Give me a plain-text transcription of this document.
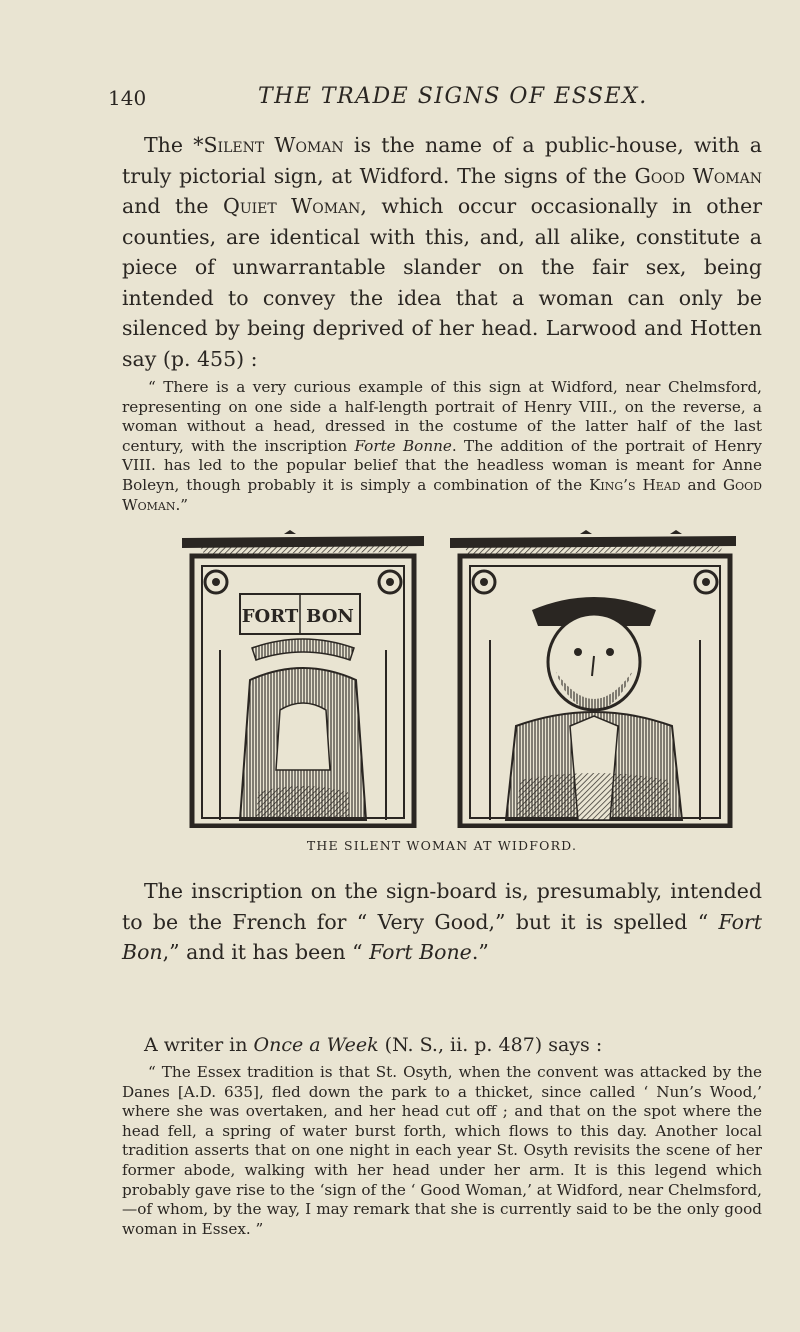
140	THE TRADE SIGNS OF ESSEX.
The *Silent Woman is the name of a public-house, with a truly pictorial sign, at Widford. The signs of the Good Woman and the Quiet Woman, which occur occasionally in other counties, are identical with this, and, all alike, constitute a piece of unwarrantable slander on the fair sex, being intended to convey the idea that a woman can only be silenced by being deprived of her head. Larwood and Hotten say (p. 455) :
“ There is a very curious example of this sign at Widford, near Chelmsford, representing on one side a half-length portrait of Henry VIII., on the reverse, a woman without a head, dressed in the costume of the latter half of the last century, with the inscription Forte Bonne. The addition of the portrait of Henry VIII. has led to the popular belief that the headless woman is meant for Anne Boleyn, though probably it is simply a combination of the King’s Head and Good Woman.”
FORT BON
THE SILENT WOMAN AT WIDFORD.
The inscription on the sign-board is, presumably, intended to be the French for “ Very Good,” but it is spelled “ Fort Bon,” and it has been “ Fort Bone.”
A writer in Once a Week (N. S., ii. p. 487) says :
“ The Essex tradition is that St. Osyth, when the convent was attacked by the Danes [A.D. 635], fled down the park to a thicket, since called ‘ Nun’s Wood,’ where she was overtaken, and her head cut off ; and that on the spot where the head fell, a spring of water burst forth, which flows to this day. Another local tradition asserts that on one night in each year St. Osyth revisits the scene of her former abode, walking with her head under her arm. It is this legend which probably gave rise to the ‘sign of the ‘ Good Woman,’ at Widford, near Chelmsford,—of whom, by the way, I may remark that she is currently said to be the only good woman in Essex. ”
